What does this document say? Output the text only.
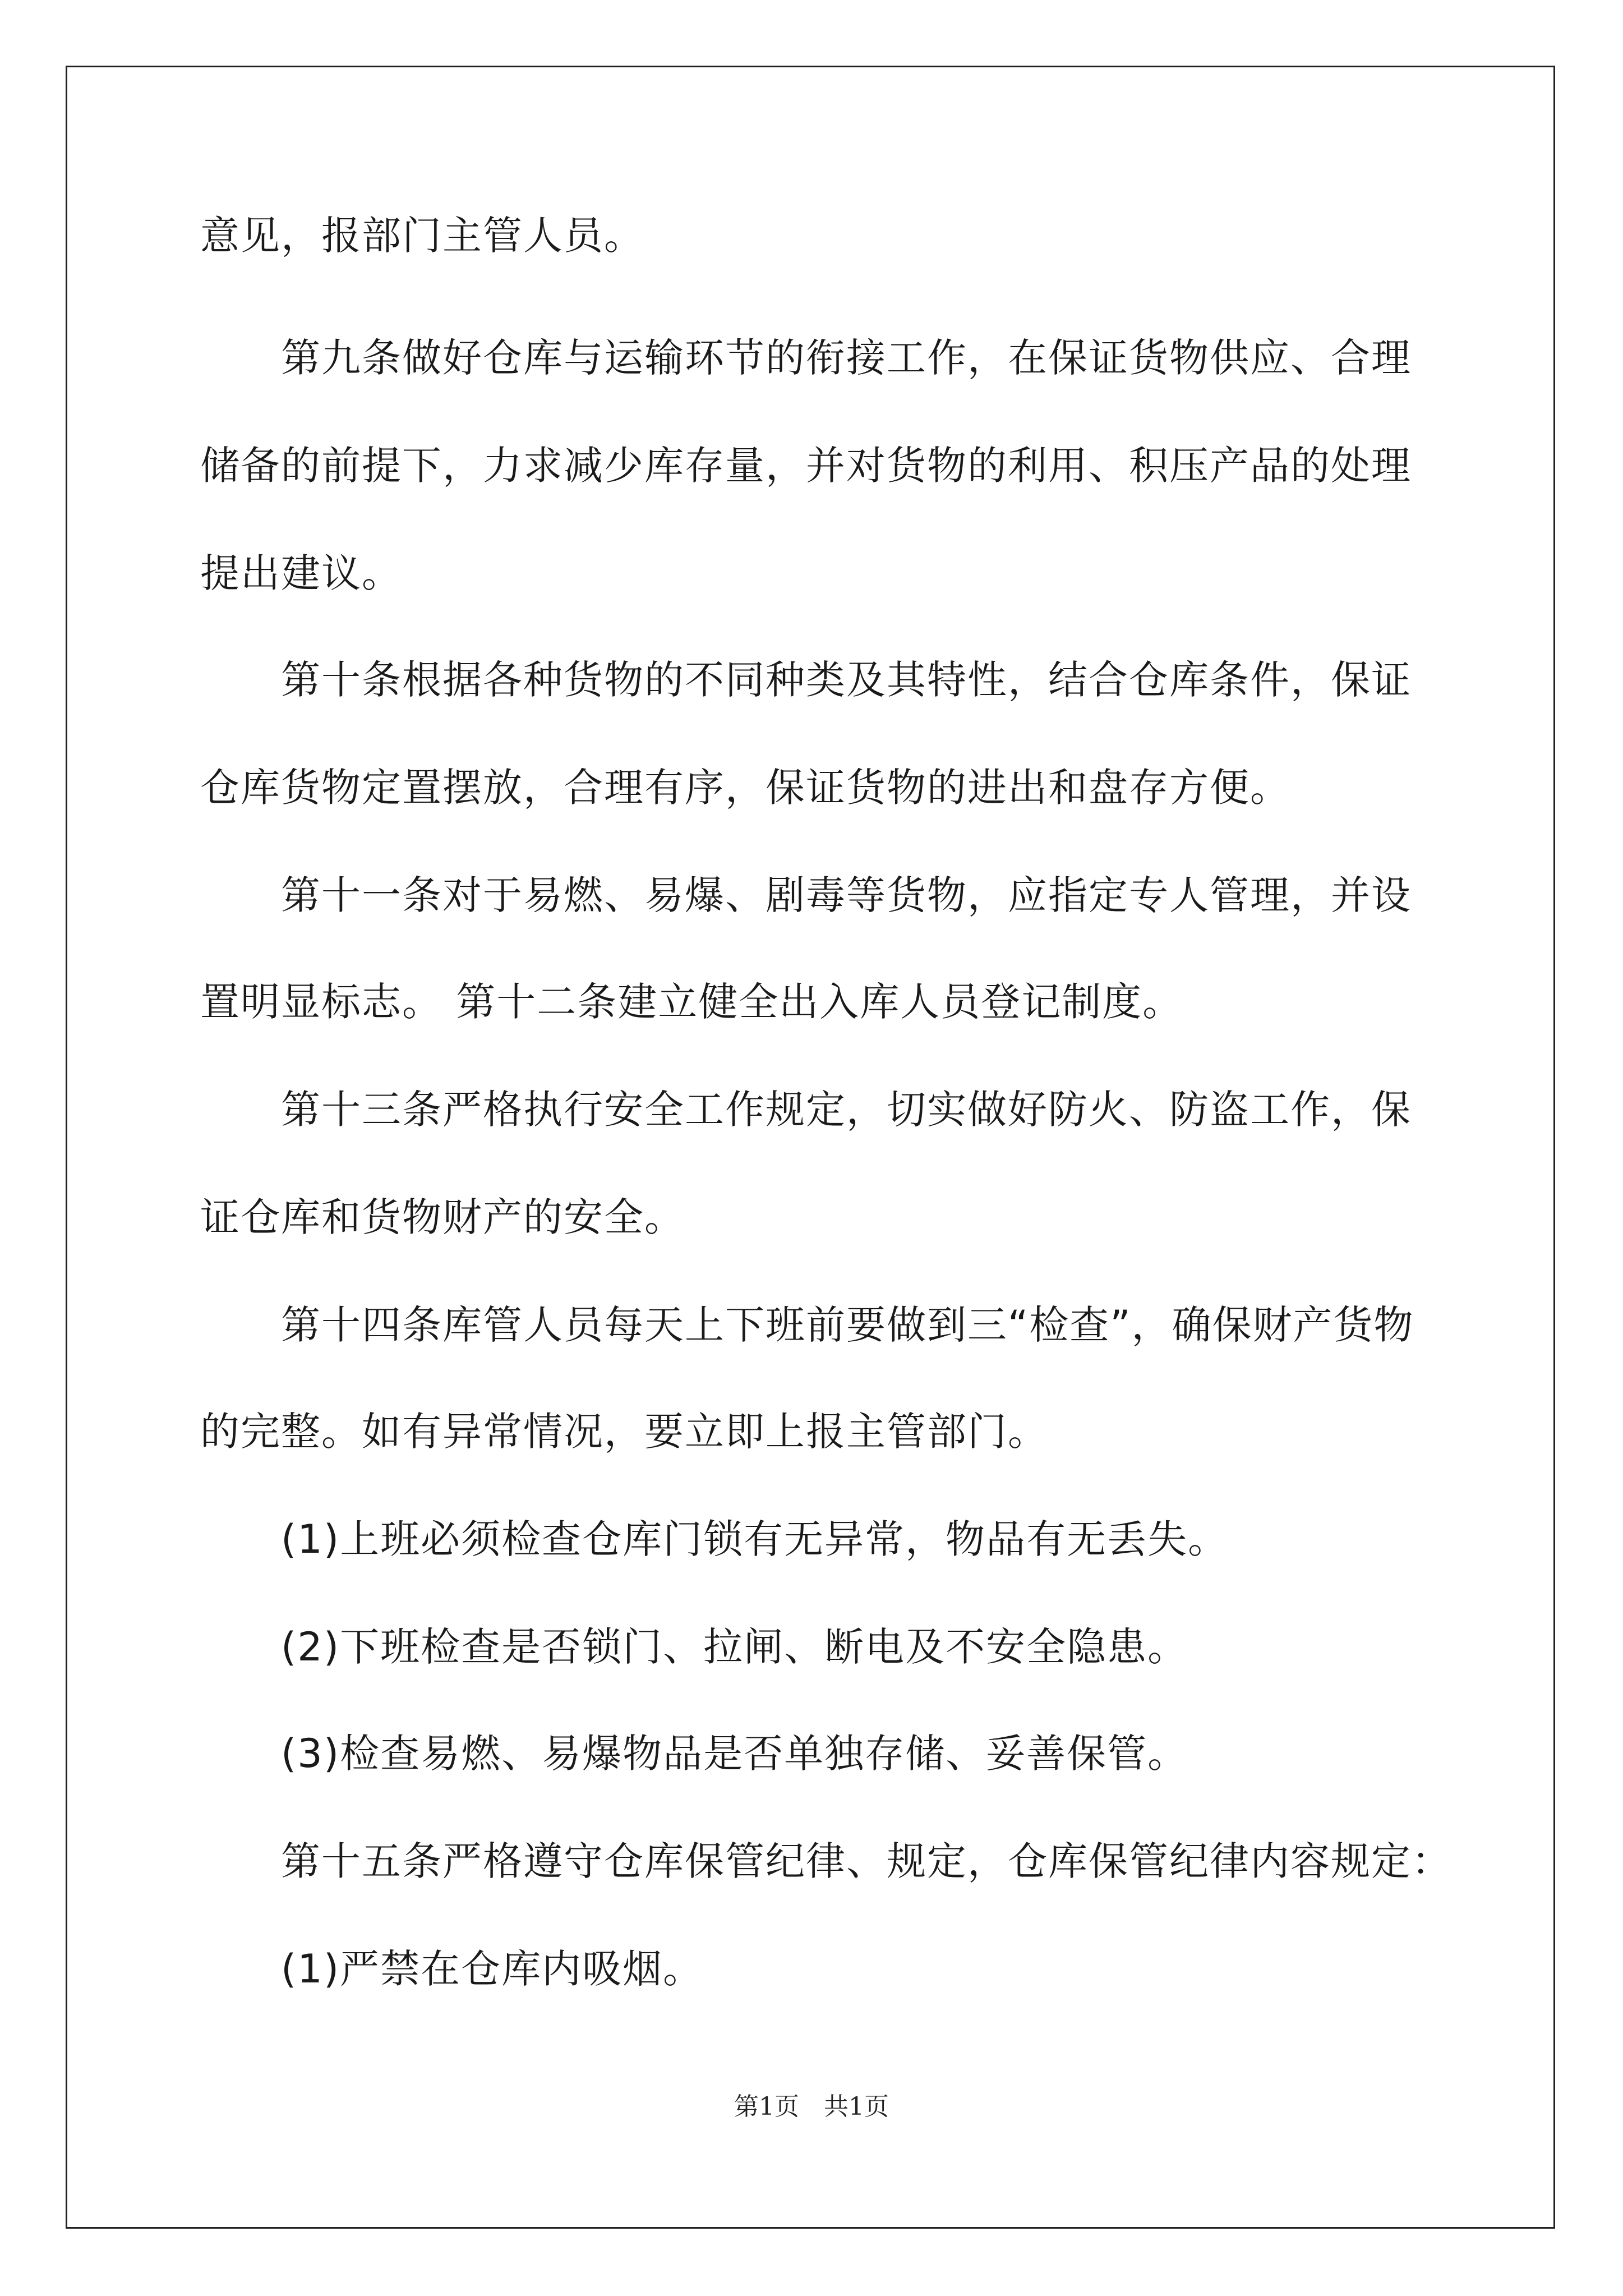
意见，报部门主管人员。
　　第九条做好仓库与运输环节的衔接工作，在保证货物供应、合理
储备的前提下，力求减少库存量，并对货物的利用、积压产品的处理
提出建议。
　　第十条根据各种货物的不同种类及其特性，结合仓库条件，保证
仓库货物定置摆放，合理有序，保证货物的进出和盘存方便。
　　第十一条对于易燃、易爆、剧毒等货物，应指定专人管理，并设
置明显标志。 第十二条建立健全出入库人员登记制度。
　　第十三条严格执行安全工作规定，切实做好防火、防盗工作，保
证仓库和货物财产的安全。
　　第十四条库管人员每天上下班前要做到三“检查”，确保财产货物
的完整。如有异常情况，要立即上报主管部门。
　　(1)上班必须检查仓库门锁有无异常，物品有无丢失。
　　(2)下班检查是否锁门、拉闸、断电及不安全隐患。
　　(3)检查易燃、易爆物品是否单独存储、妥善保管。
　　第十五条严格遵守仓库保管纪律、规定，仓库保管纪律内容规定：
　　(1)严禁在仓库内吸烟。
第1页　共1页
